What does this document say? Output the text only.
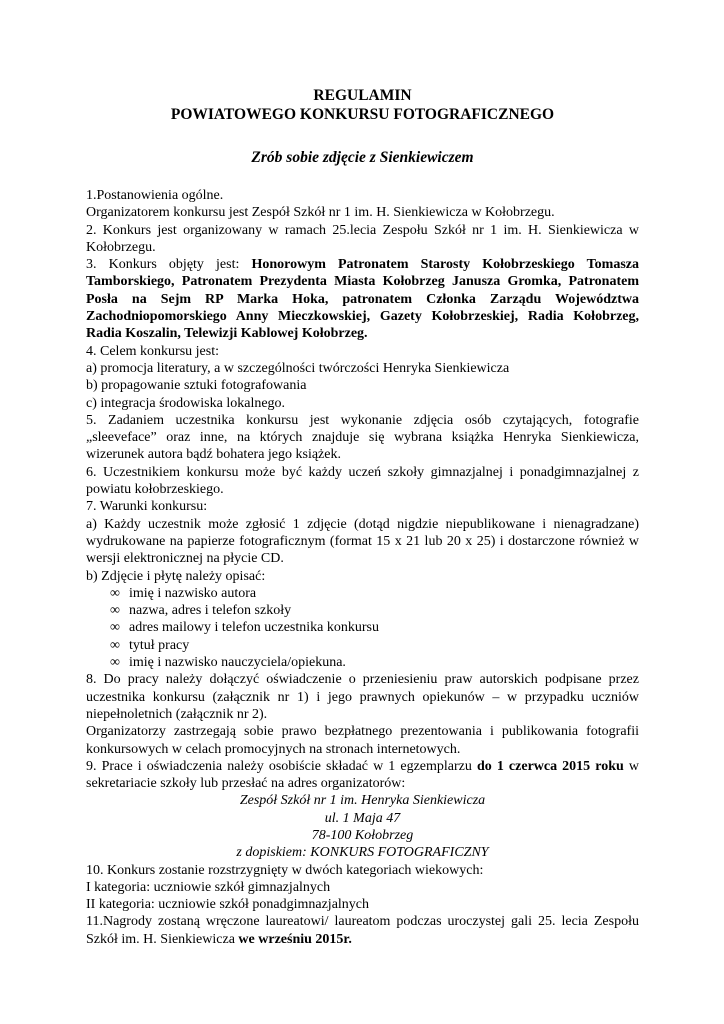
REGULAMIN

POWIATOWEGO KONKURSU FOTOGRAFICZNEGO

Zrób sobie zdjęcie z Sienkiewiczem

1.Postanowienia ogólne.

Organizatorem konkursu jest Zespół Szkół nr 1 im. H. Sienkiewicza w Kołobrzegu.

2. Konkurs jest organizowany w ramach 25.lecia Zespołu Szkół nr 1 im. H. Sienkiewicza w Kołobrzegu.

3. Konkurs objęty jest: Honorowym Patronatem Starosty Kołobrzeskiego Tomasza Tamborskiego, Patronatem Prezydenta Miasta Kołobrzeg Janusza Gromka, Patronatem Posła na Sejm RP Marka Hoka, patronatem Członka Zarządu Województwa Zachodniopomorskiego Anny Mieczkowskiej, Gazety Kołobrzeskiej, Radia Kołobrzeg, Radia Koszalin, Telewizji Kablowej Kołobrzeg.

4. Celem konkursu jest:

a) promocja literatury, a w szczególności twórczości Henryka Sienkiewicza

b) propagowanie sztuki fotografowania

c) integracja środowiska lokalnego.

5. Zadaniem uczestnika konkursu jest wykonanie zdjęcia osób czytających, fotografie „sleeveface” oraz inne, na których znajduje się wybrana książka Henryka Sienkiewicza, wizerunek autora bądź bohatera jego książek.

6. Uczestnikiem konkursu może być każdy uczeń szkoły gimnazjalnej i ponadgimnazjalnej z powiatu kołobrzeskiego.

7. Warunki konkursu:

a) Każdy uczestnik może zgłosić 1 zdjęcie (dotąd nigdzie niepublikowane i nienagradzane) wydrukowane na papierze fotograficznym (format 15 x 21 lub 20 x 25) i dostarczone również w wersji elektronicznej na płycie CD.

b) Zdjęcie i płytę należy opisać:

∞ imię i nazwisko autora
∞ nazwa, adres i telefon szkoły
∞ adres mailowy i telefon uczestnika konkursu
∞ tytuł pracy
∞ imię i nazwisko nauczyciela/opiekuna.

8. Do pracy należy dołączyć oświadczenie o przeniesieniu praw autorskich podpisane przez uczestnika konkursu (załącznik nr 1) i jego prawnych opiekunów – w przypadku uczniów niepełnoletnich (załącznik nr 2).

Organizatorzy zastrzegają sobie prawo bezpłatnego prezentowania i publikowania fotografii konkursowych w celach promocyjnych na stronach internetowych.

9. Prace i oświadczenia należy osobiście składać w 1 egzemplarzu do 1 czerwca 2015 roku w sekretariacie szkoły lub przesłać na adres organizatorów:

Zespół Szkół nr 1 im. Henryka Sienkiewicza

ul. 1 Maja 47

78-100 Kołobrzeg

z dopiskiem: KONKURS FOTOGRAFICZNY

10. Konkurs zostanie rozstrzygnięty w dwóch kategoriach wiekowych:

I kategoria: uczniowie szkół gimnazjalnych

II kategoria: uczniowie szkół ponadgimnazjalnych

11.Nagrody zostaną wręczone laureatowi/ laureatom podczas uroczystej gali 25. lecia Zespołu Szkół im. H. Sienkiewicza we wrześniu 2015r.
